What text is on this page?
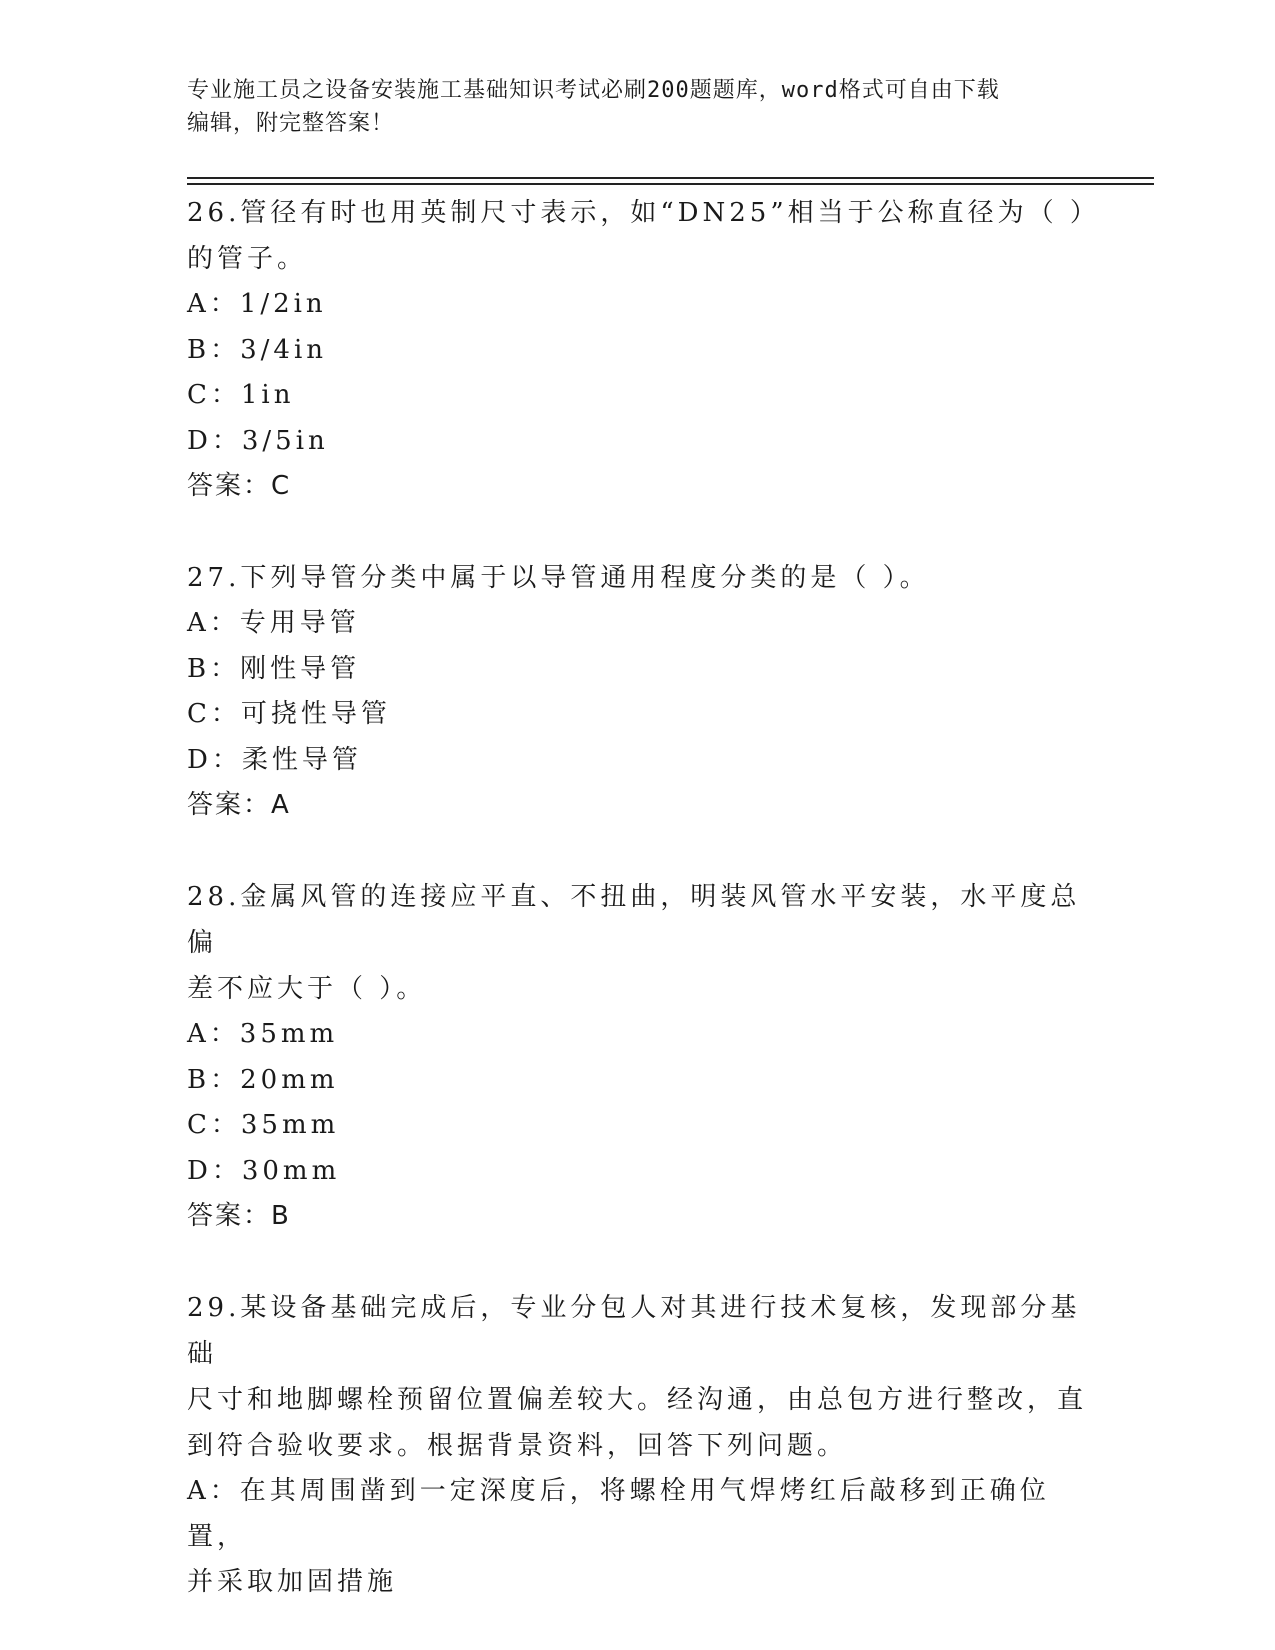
专业施工员之设备安装施工基础知识考试必刷200题题库，word格式可自由下载
编辑，附完整答案！
26.管径有时也用英制尺寸表示，如“DN25”相当于公称直径为（ ）
的管子。
A：1/2in
B：3/4in
C：1in
D：3/5in
答案：C
27.下列导管分类中属于以导管通用程度分类的是（ ）。
A：专用导管
B：刚性导管
C：可挠性导管
D：柔性导管
答案：A
28.金属风管的连接应平直、不扭曲，明装风管水平安装，水平度总偏
差不应大于（ ）。
A：35mm
B：20mm
C：35mm
D：30mm
答案：B
29.某设备基础完成后，专业分包人对其进行技术复核，发现部分基础
尺寸和地脚螺栓预留位置偏差较大。经沟通，由总包方进行整改，直
到符合验收要求。根据背景资料，回答下列问题。
A：在其周围凿到一定深度后，将螺栓用气焊烤红后敲移到正确位置，
并采取加固措施
